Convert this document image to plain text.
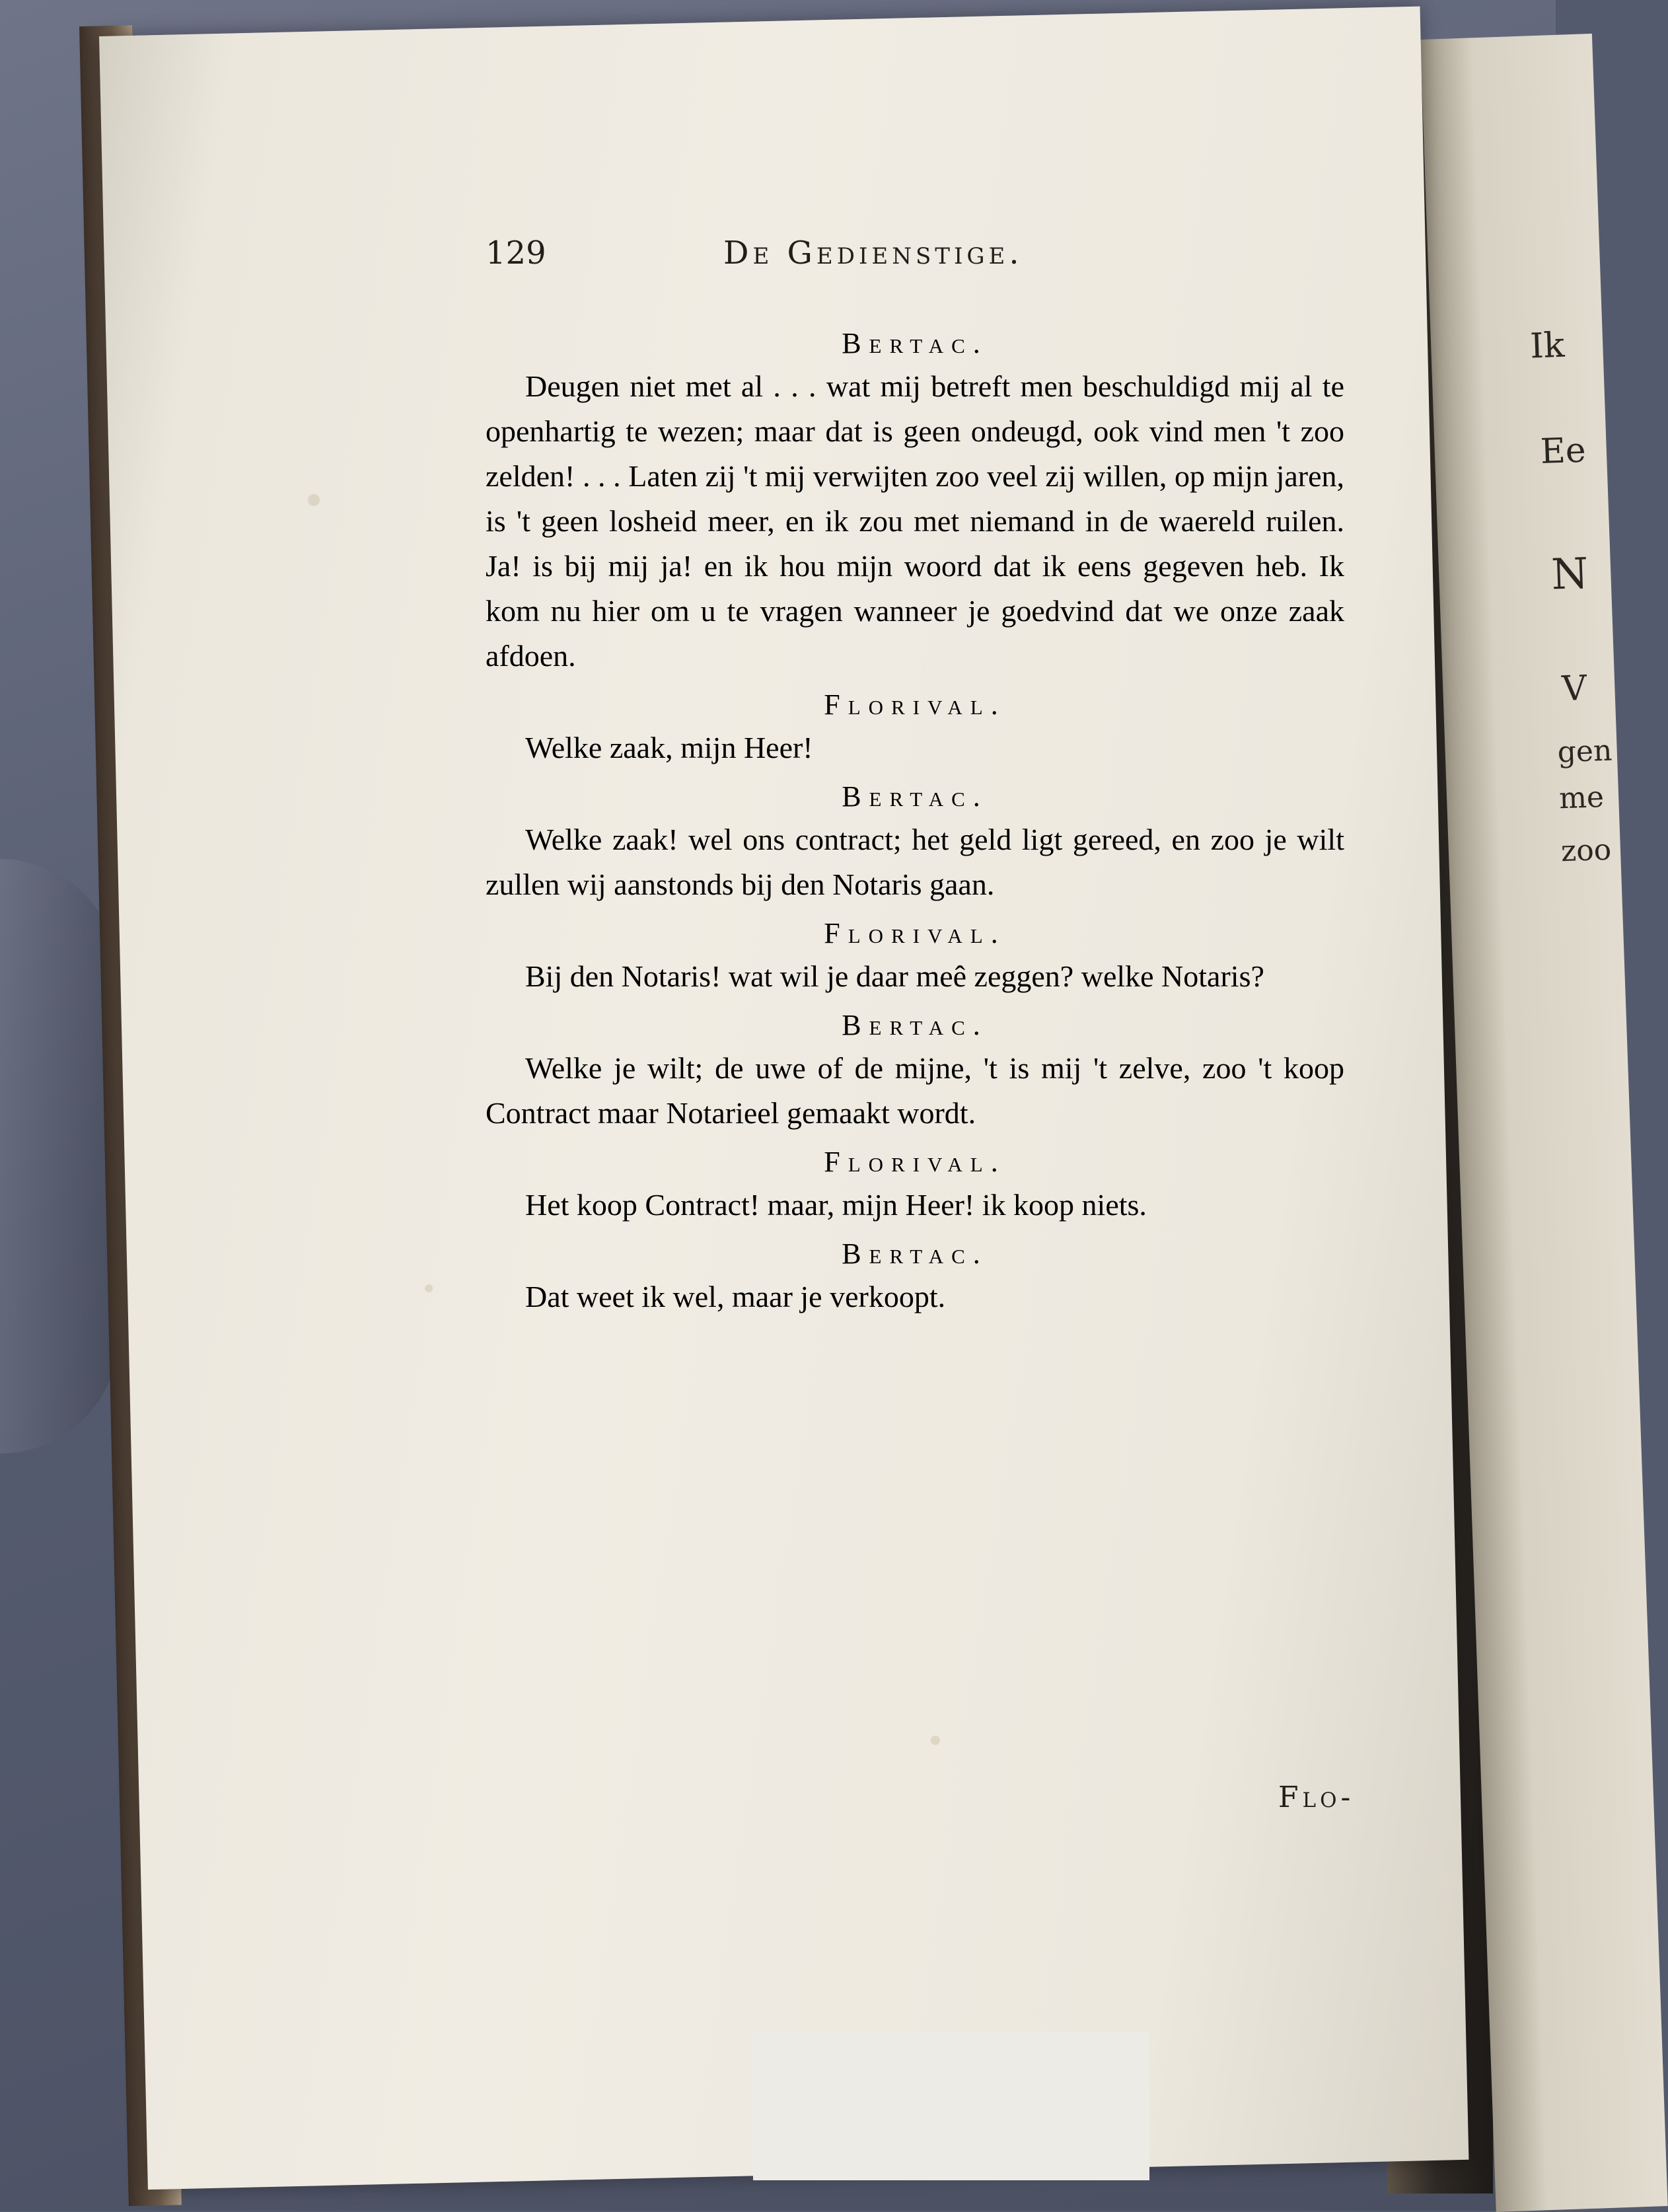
Ik
Ee
N
V
gen
me
zoo
129	De Gedienstige.
Bertac.

Deugen niet met al . . . wat mij betreft men beschuldigd mij al te openhartig te wezen; maar dat is geen ondeugd, ook vind men 't zoo zelden! . . . Laten zij 't mij verwijten zoo veel zij willen, op mijn jaren, is 't geen losheid meer, en ik zou met niemand in de waereld ruilen. Ja! is bij mij ja! en ik hou mijn woord dat ik eens gegeven heb. Ik kom nu hier om u te vragen wanneer je goedvind dat we onze zaak afdoen.

Florival.

Welke zaak, mijn Heer!

Bertac.

Welke zaak! wel ons contract; het geld ligt gereed, en zoo je wilt zullen wij aanstonds bij den Notaris gaan.

Florival.

Bij den Notaris! wat wil je daar meê zeggen? welke Notaris?

Bertac.

Welke je wilt; de uwe of de mijne, 't is mij 't zelve, zoo 't koop Contract maar Notarieel gemaakt wordt.

Florival.

Het koop Contract! maar, mijn Heer! ik koop niets.

Bertac.

Dat weet ik wel, maar je verkoopt.

Flo-
